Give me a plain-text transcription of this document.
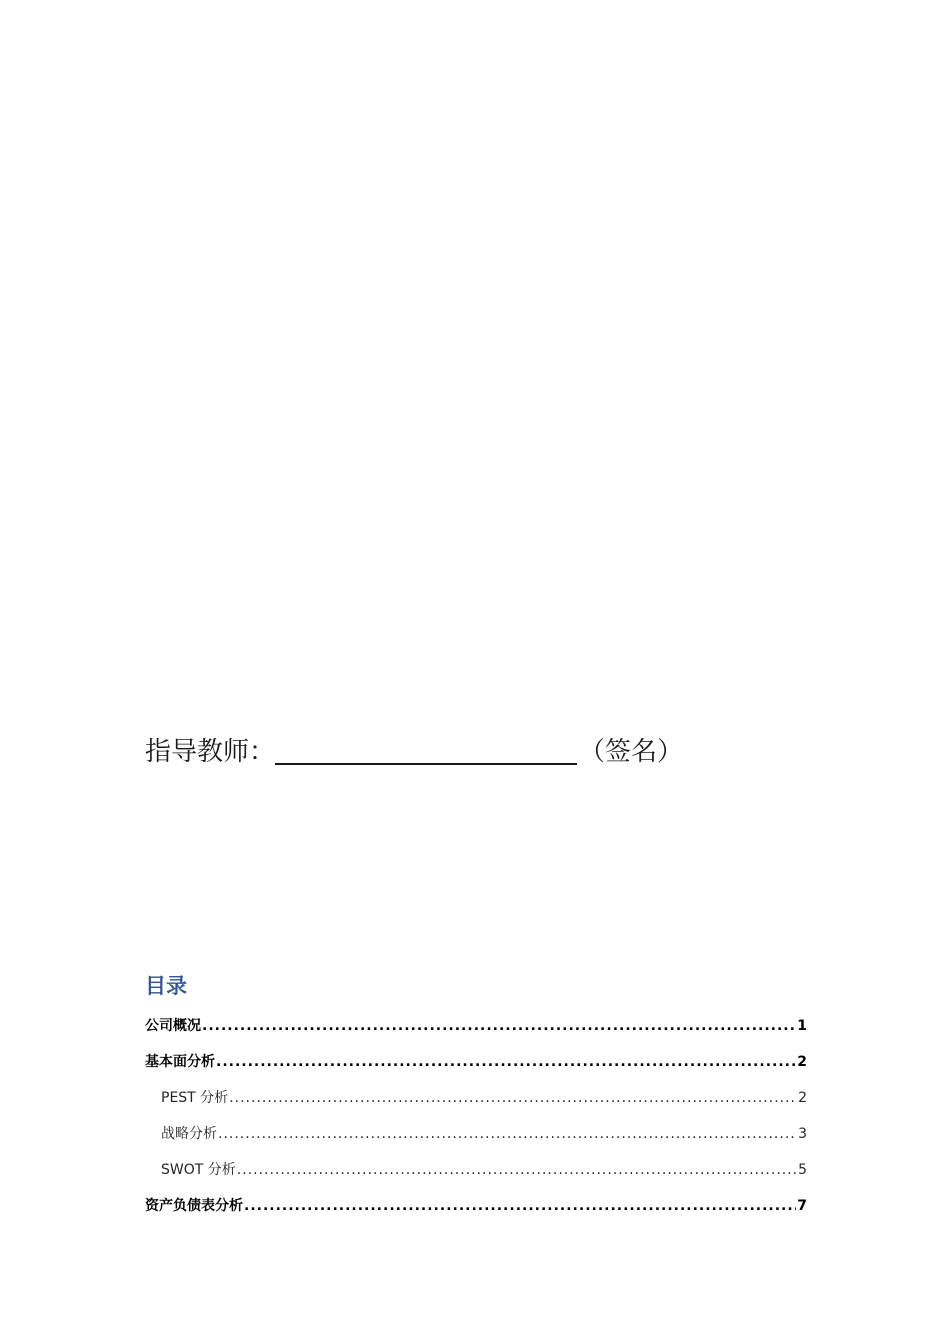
指导教师：	（签名）
目录
公司概况 .....	1
基本面分析 .....	2
PEST 分析 .....	2
战略分析 .....	3
SWOT 分析 .....	5
资产负债表分析 .....	7
